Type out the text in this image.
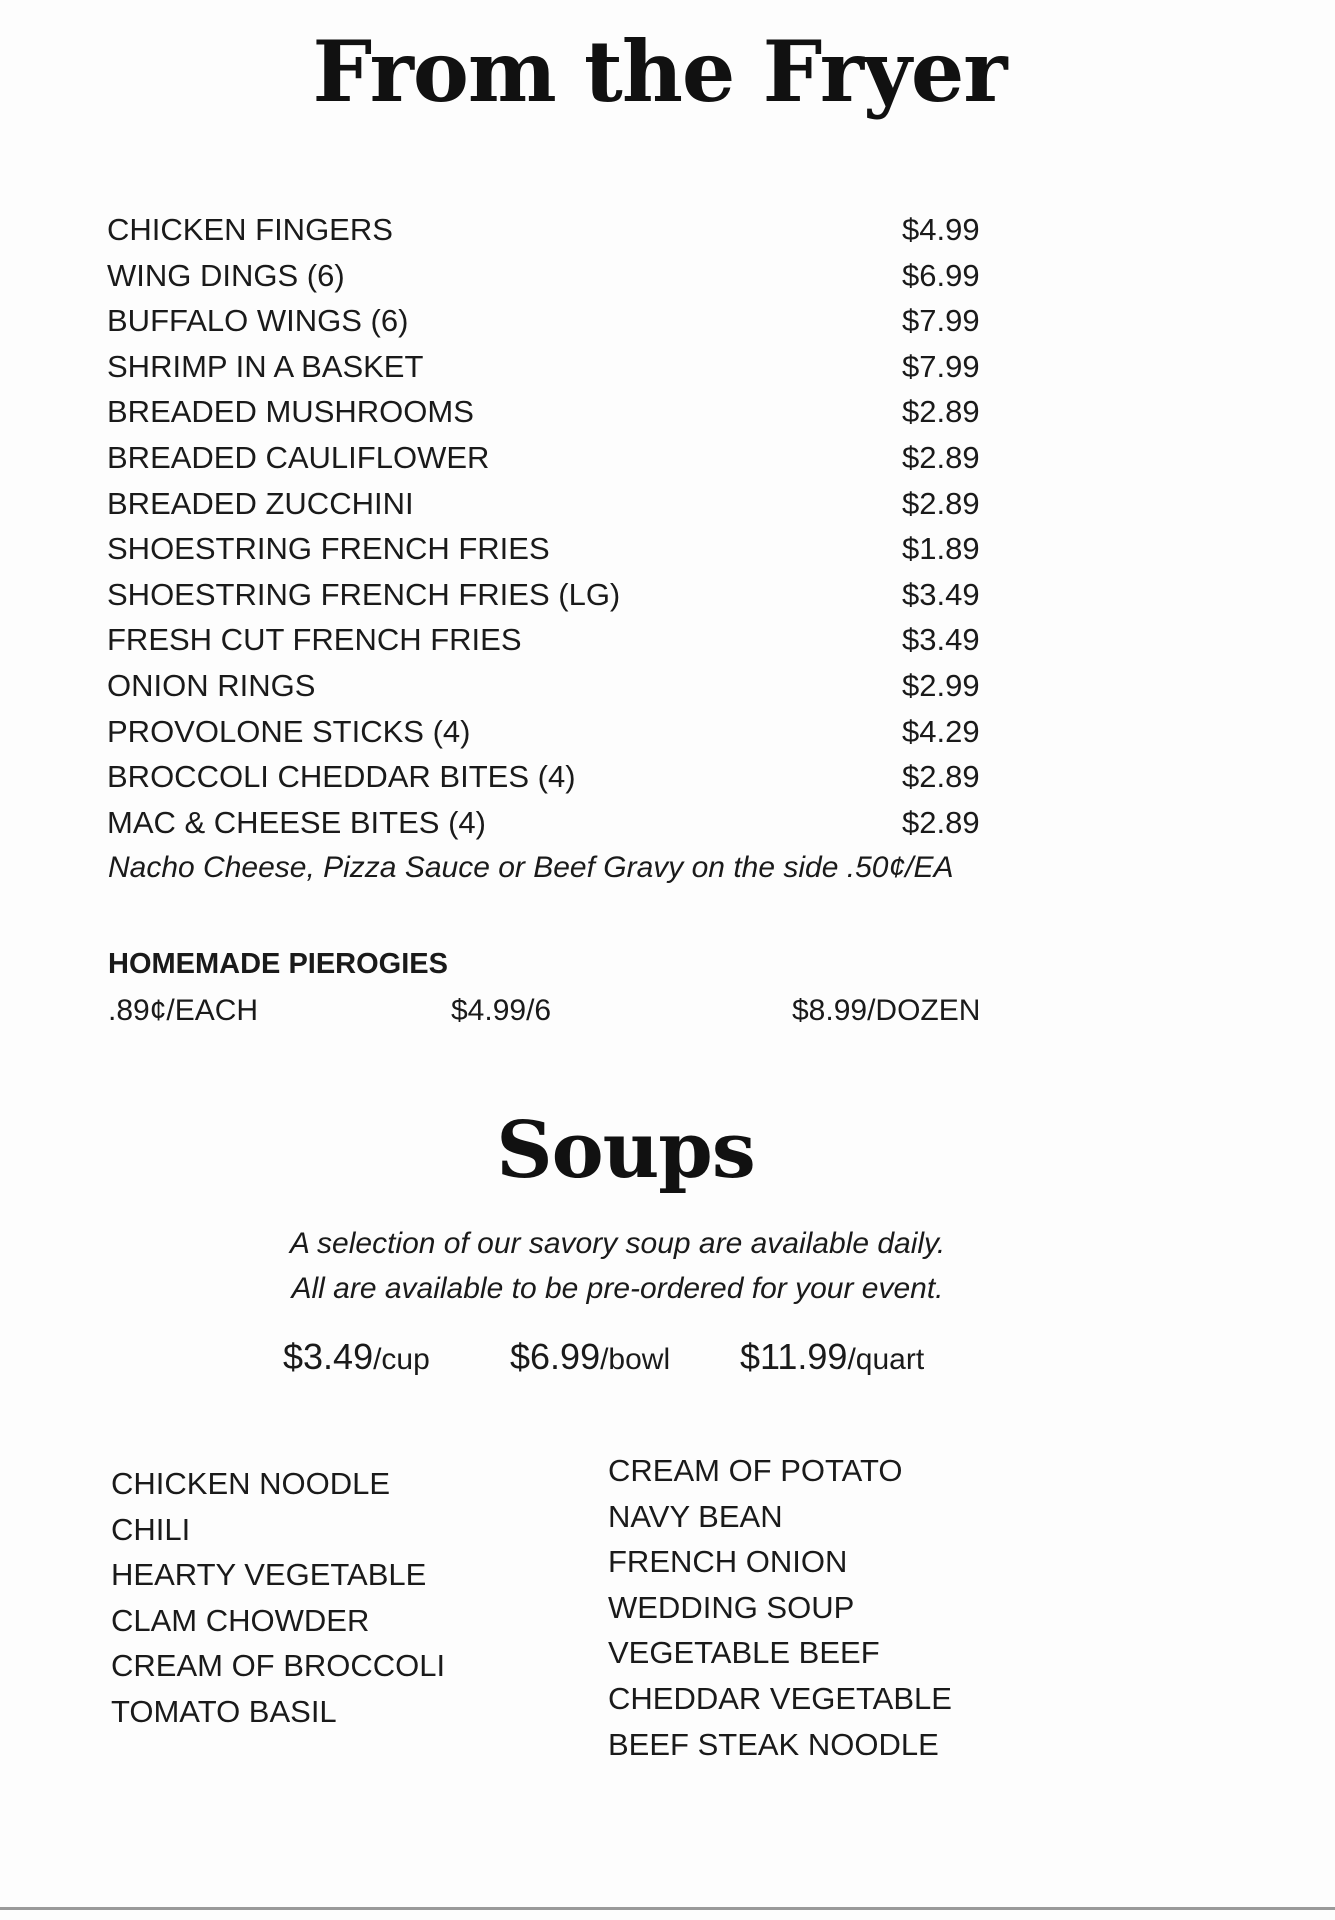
From the Fryer
CHICKEN FINGERS	$4.99
WING DINGS (6)	$6.99
BUFFALO WINGS (6)	$7.99
SHRIMP IN A BASKET	$7.99
BREADED MUSHROOMS	$2.89
BREADED CAULIFLOWER	$2.89
BREADED ZUCCHINI	$2.89
SHOESTRING FRENCH FRIES	$1.89
SHOESTRING FRENCH FRIES (LG)	$3.49
FRESH CUT FRENCH FRIES	$3.49
ONION RINGS	$2.99
PROVOLONE STICKS (4)	$4.29
BROCCOLI CHEDDAR BITES (4)	$2.89
MAC & CHEESE BITES (4)	$2.89
Nacho Cheese, Pizza Sauce or Beef Gravy on the side .50¢/EA
HOMEMADE PIEROGIES
.89¢/EACH	$4.99/6	$8.99/DOZEN
Soups
A selection of our savory soup are available daily.
All are available to be pre-ordered for your event.
$3.49/cup $6.99/bowl $11.99/quart
CHICKEN NOODLE
CHILI
HEARTY VEGETABLE
CLAM CHOWDER
CREAM OF BROCCOLI
TOMATO BASIL
CREAM OF POTATO
NAVY BEAN
FRENCH ONION
WEDDING SOUP
VEGETABLE BEEF
CHEDDAR VEGETABLE
BEEF STEAK NOODLE
